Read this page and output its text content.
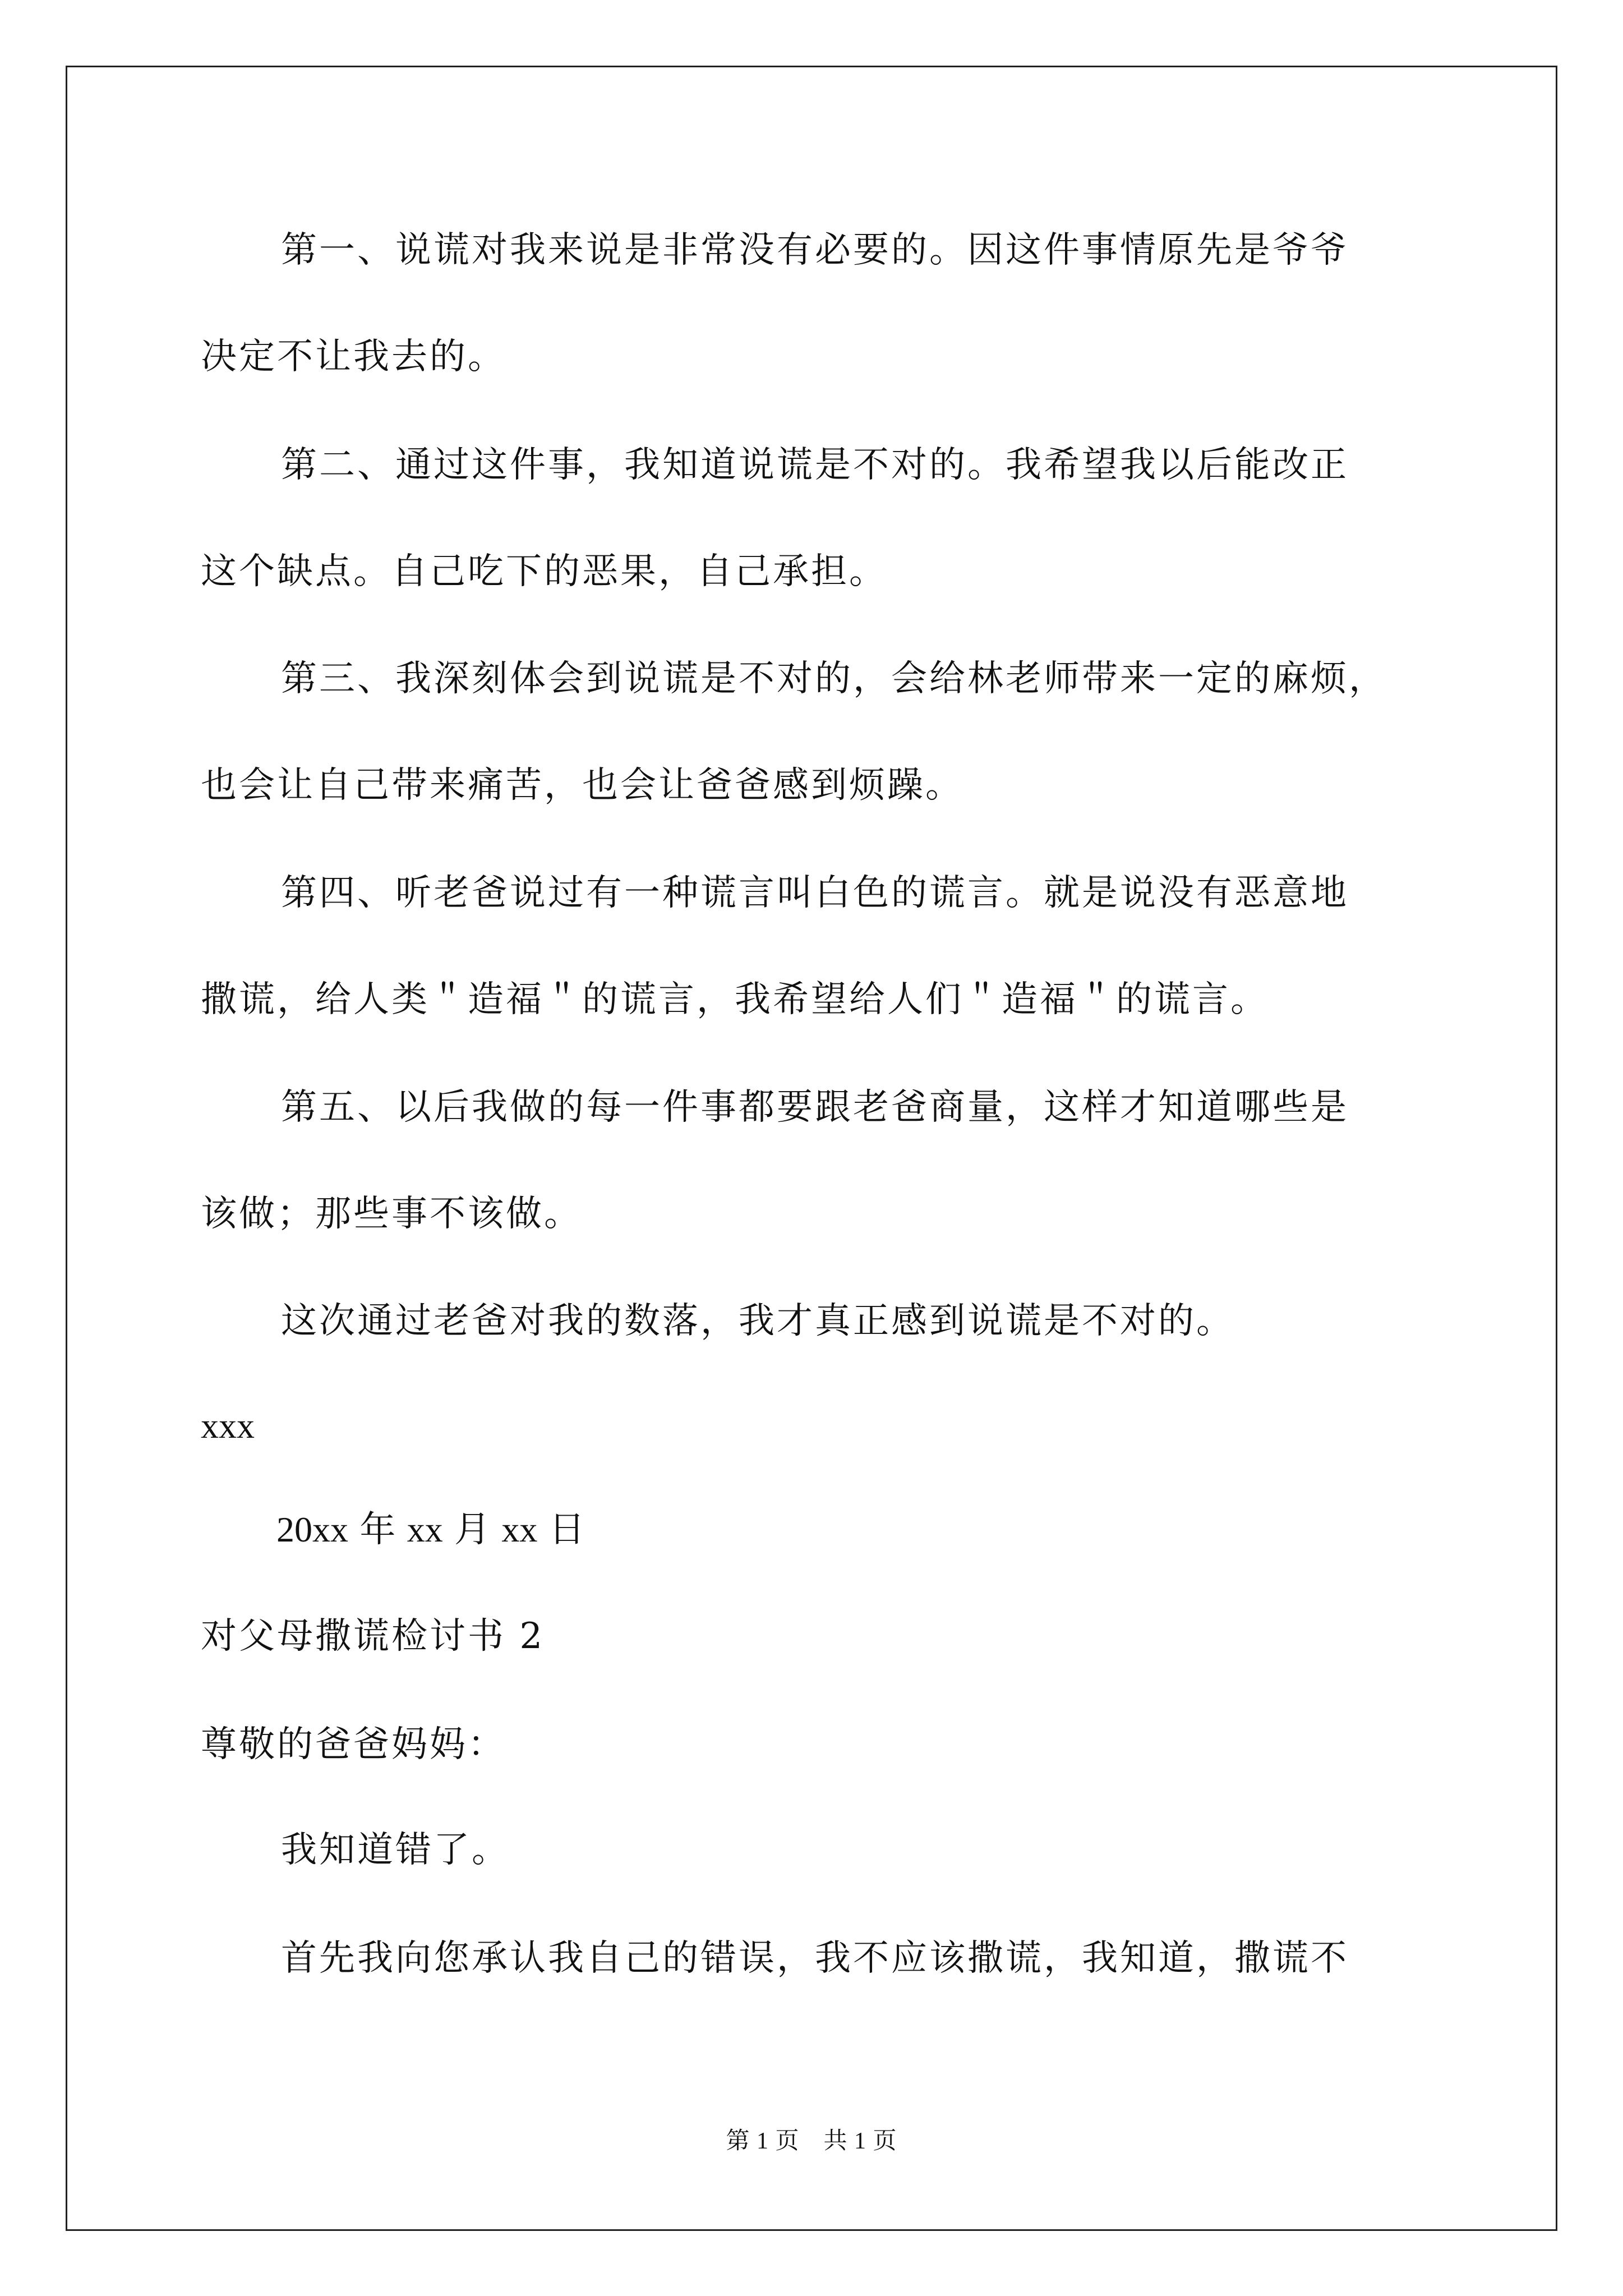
第一、说谎对我来说是非常没有必要的。因这件事情原先是爷爷
决定不让我去的。
第二、通过这件事，我知道说谎是不对的。我希望我以后能改正
这个缺点。自己吃下的恶果，自己承担。
第三、我深刻体会到说谎是不对的，会给林老师带来一定的麻烦，
也会让自己带来痛苦，也会让爸爸感到烦躁。
第四、听老爸说过有一种谎言叫白色的谎言。就是说没有恶意地
撒谎，给人类＂造福＂的谎言，我希望给人们＂造福＂的谎言。
第五、以后我做的每一件事都要跟老爸商量，这样才知道哪些是
该做；那些事不该做。
这次通过老爸对我的数落，我才真正感到说谎是不对的。
xxx
20xx 年 xx 月 xx 日
对父母撒谎检讨书 2
尊敬的爸爸妈妈：
我知道错了。
首先我向您承认我自己的错误，我不应该撒谎，我知道，撒谎不
第 1 页　共 1 页
